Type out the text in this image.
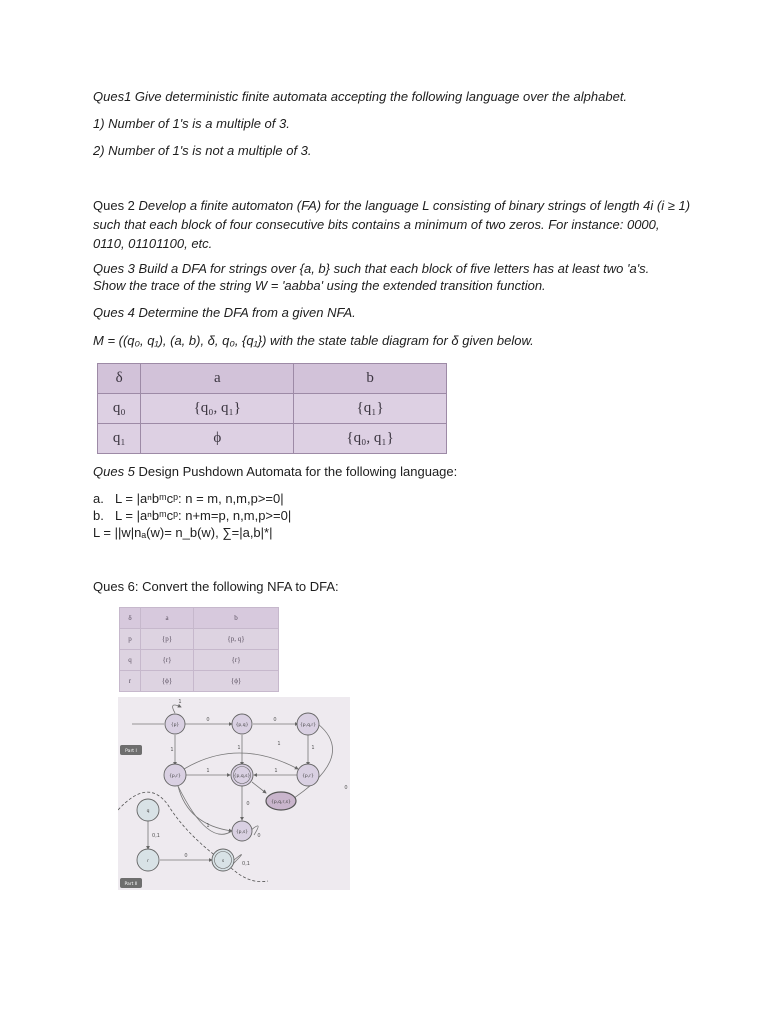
Ques1 Give deterministic finite automata accepting the following language over the alphabet.
1) Number of 1's is a multiple of 3.
2) Number of 1's is not a multiple of 3.
Ques 2 Develop a finite automaton (FA) for the language L consisting of binary strings of length 4i (i ≥ 1) such that each block of four consecutive bits contains a minimum of two zeros. For instance: 0000, 0110, 01101100, etc.
Ques 3 Build a DFA for strings over {a, b} such that each block of five letters has at least two 'a's.
Show the trace of the string W = 'aabba' using the extended transition function.
Ques 4 Determine the DFA from a given NFA.
M = ((q₀, q₁), (a, b), δ, q₀, {q₁}) with the state table diagram for δ given below.
δ	a	b
q₀	{q₀, q₁}	{q₁}
q₁	ϕ	{q₀, q₁}
Ques 5 Design Pushdown Automata for the following language:
a. L = |aⁿbᵐcᵖ: n = m, n,m,p>=0|
b. L = |aⁿbᵐcᵖ: n+m=p, n,m,p>=0|
L = ||w|nₐ(w)= n_b(w), ∑=|a,b|*|
Ques 6: Convert the following NFA to DFA:
δ	a	b
p	{p}	{p, q}
q	{r}	{r}
r	{ϕ}	{ϕ}
{p}	{p,q}	{p,q,r}
{p,r}	{p,q,s}	{p,r}
{p,q,r,s}
{p,s}
q
r	s
0	0
1	1	1
1	1
1
0
0
1
0,1
0
0
0,1
1
Part I
Part II
